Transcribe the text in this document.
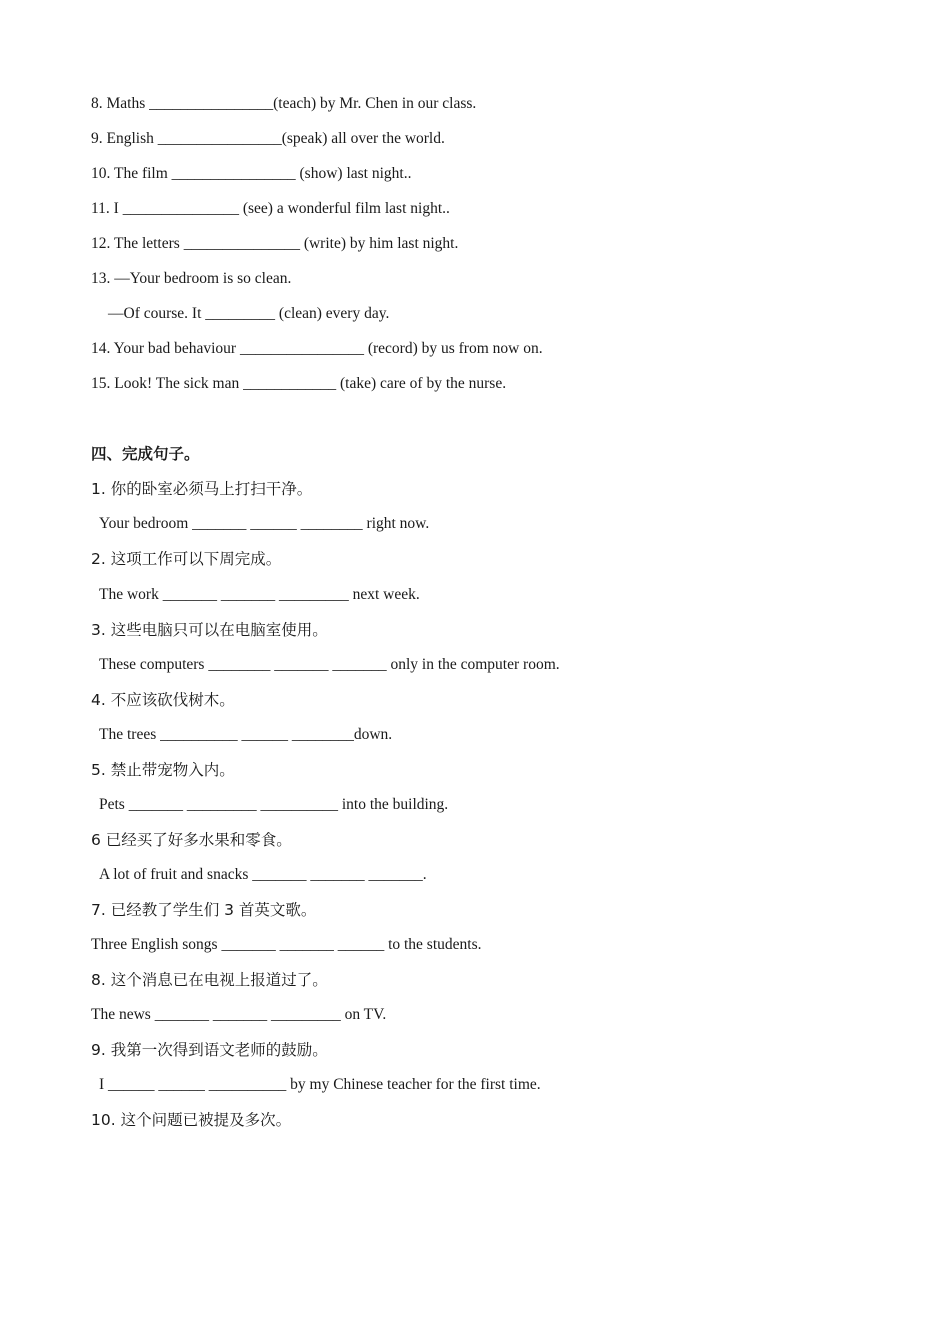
8. Maths ________________(teach) by Mr. Chen in our class.
9. English ________________(speak) all over the world.
10. The film ________________ (show) last night..
11. I _______________ (see) a wonderful film last night..
12. The letters _______________ (write) by him last night.
13. —Your bedroom is so clean.
—Of course. It _________ (clean) every day.
14. Your bad behaviour ________________ (record) by us from now on.
15. Look! The sick man ____________ (take) care of by the nurse.
四、完成句子。
1. 你的卧室必须马上打扫干净。
Your bedroom _______ ______ ________ right now.
2. 这项工作可以下周完成。
The work _______ _______ _________ next week.
3. 这些电脑只可以在电脑室使用。
These computers ________ _______ _______ only in the computer room.
4. 不应该砍伐树木。
The trees __________ ______ ________down.
5. 禁止带宠物入内。
Pets _______ _________ __________ into the building.
6 已经买了好多水果和零食。
A lot of fruit and snacks _______ _______ _______.
7. 已经教了学生们 3 首英文歌。
Three English songs _______ _______ ______ to the students.
8. 这个消息已在电视上报道过了。
The news _______ _______ _________ on TV.
9. 我第一次得到语文老师的鼓励。
I ______ ______ __________ by my Chinese teacher for the first time.
10. 这个问题已被提及多次。
